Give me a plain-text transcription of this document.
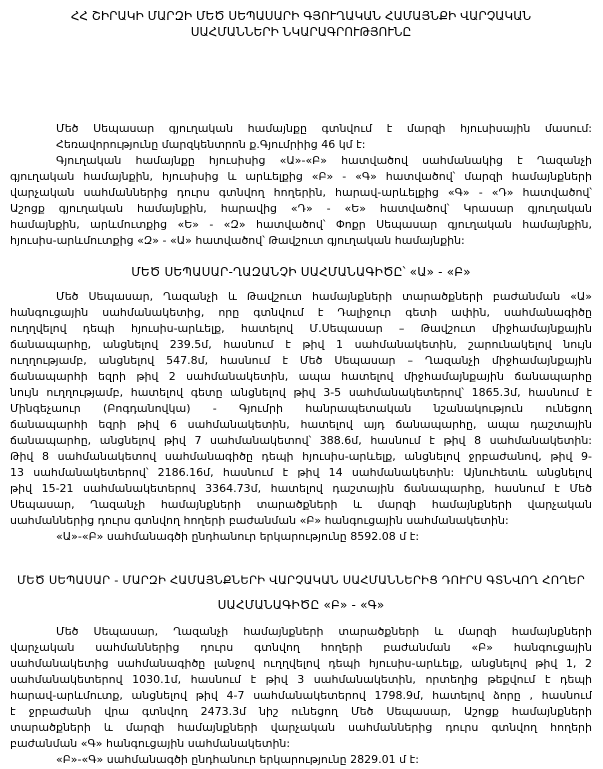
ՀՀ ՇԻՐԱԿԻ ՄԱՐԶԻ ՄԵԾ ՍԵՊԱՍԱՐԻ ԳՅՈՒՂԱԿԱՆ ՀԱՄԱՅՆՔԻ ՎԱՐՉԱԿԱՆ
ՍԱՀՄԱՆՆԵՐԻ ՆԿԱՐԱԳՐՈՒԹՅՈՒՆԸ
Մեծ Սեպասար գյուղական համայնքը գտնվում է մարզի հյուսիսային մասում:
Հեռավորությունը մարզկենտրոն ք.Գյումրիից 46 կմ է:
Գյուղական համայնքը հյուսիսից «Ա»-«Բ» հատվածով սահմանակից է Ղազանչի
գյուղական համայնքին, հյուսիսից և արևելքից «Բ» - «Գ» հատվածով՝ մարզի համայնքների
վարչական սահմաններից դուրս գտնվող հողերին, հարավ-արևելքից «Գ» - «Դ» հատվածով՝
Աշոցք գյուղական համայնքին, հարավից «Դ» - «Ե» հատվածով՝ Կրասար գյուղական
համայնքին, արևմուտքից «Ե» - «Զ» հատվածով՝ Փոքր Սեպասար գյուղական համայնքին,
հյուսիս-արևմուտքից «Զ» - «Ա» հատվածով՝ Թավշուտ գյուղական համայնքին:
ՄԵԾ ՍԵՊԱՍԱՐ-ՂԱԶԱՆՉԻ ՍԱՀՄԱՆԱԳԻԾԸ՝ «Ա» - «Բ»
Մեծ Սեպասար, Ղազանչի և Թավշուտ համայնքների տարածքների բաժանման «Ա»
հանգուցային սահմանակետից, որը գտնվում է Դալիջուր գետի ափին, սահմանագիծը
ուղղվելով դեպի հյուսիս-արևելք, հատելով Մ.Սեպասար – Թավշուտ միջհամայնքային
ճանապարհը, անցնելով 239.5մ, հասնում է թիվ 1 սահմանակետին, շարունակելով նույն
ուղղությամբ, անցնելով 547.8մ, հասնում է Մեծ Սեպասար – Ղազանչի միջհամայնքային
ճանապարհի եզրի թիվ 2 սահմանակետին, ապա հատելով միջհամայնքային ճանապարհը
նույն ուղղությամբ, հատելով գետը անցնելով թիվ 3-5 սահմանակետերով՝ 1865.3մ, հասնում է
Մինգեչաուր (Բոգդանովկա) - Գյումրի հանրապետական նշանակություն ունեցող
ճանապարհի եզրի թիվ 6 սահմանակետին, հատելով այդ ճանապարհը, ապա դաշտային
ճանապարհը, անցնելով թիվ 7 սահմանակետով՝ 388.6մ, հասնում է թիվ 8 սահմանակետին:
Թիվ 8 սահմանակետով սահմանագիծը դեպի հյուսիս-արևելք, անցնելով ջրբաժանով, թիվ 9-
13 սահմանակետերով՝ 2186.16մ, հասնում է թիվ 14 սահմանակետին: Այնուհետև անցնելով
թիվ 15-21 սահմանակետերով 3364.73մ, հատելով դաշտային ճանապարհը, հասնում է Մեծ
Սեպասար, Ղազանչի համայնքների տարածքների և մարզի համայնքների վարչական
սահմաններից դուրս գտնվող հողերի բաժանման «Բ» հանգուցային սահմանակետին:
«Ա»-«Բ» սահմանագծի ընդհանուր երկարությունը 8592.08 մ է:
ՄԵԾ ՍԵՊԱՍԱՐ - ՄԱՐԶԻ ՀԱՄԱՅՆՔՆԵՐԻ ՎԱՐՉԱԿԱՆ ՍԱՀՄԱՆՆԵՐԻՑ ԴՈՒՐՍ ԳՏՆՎՈՂ ՀՈՂԵՐ
ՍԱՀՄԱՆԱԳԻԾԸ «Բ» - «Գ»
Մեծ Սեպասար, Ղազանչի համայնքների տարածքների և մարզի համայնքների
վարչական սահմաններից դուրս գտնվող հողերի բաժանման «Բ» հանգուցային
սահմանակետից սահմանագիծը լանջով ուղղվելով դեպի հյուսիս-արևելք, անցնելով թիվ 1, 2
սահմանակետերով 1030.1մ, հասնում է թիվ 3 սահմանակետին, որտեղից թեքվում է դեպի
հարավ-արևմուտք, անցնելով թիվ 4-7 սահմանակետերով 1798.9մ, հատելով ձորը , հասնում
է ջրբաժանի վրա գտնվող 2473.3մ նիշ ունեցող Մեծ Սեպասար, Աշոցք համայնքների
տարածքների և մարզի համայնքների վարչական սահմաններից դուրս գտնվող հողերի
բաժանման «Գ» հանգուցային սահմանակետին:
«Բ»-«Գ» սահմանագծի ընդհանուր երկարությունը 2829.01 մ է:
